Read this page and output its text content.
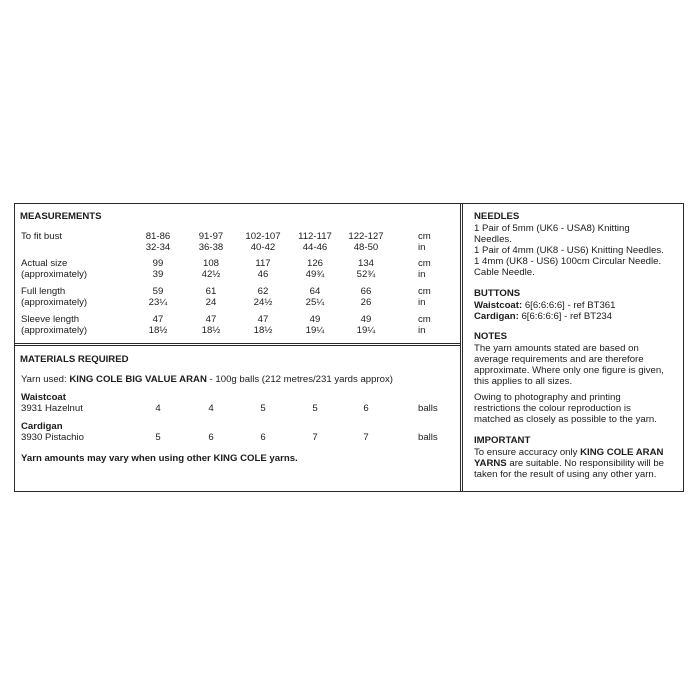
MEASUREMENTS
To fit bust	81-86	91-97	102-107	112-117	122-127	cm
32-34	36-38	40-42	44-46	48-50	in
Actual size
(approximately)
99	108	117	126	134	cm
39	42½	46	49¾	52¾	in
Full length
(approximately)
59	61	62	64	66	cm
23¼	24	24½	25¼	26	in
Sleeve length
(approximately)
47	47	47	49	49	cm
18½	18½	18½	19¼	19¼	in
MATERIALS REQUIRED
Yarn used: KING COLE BIG VALUE ARAN - 100g balls (212 metres/231 yards approx)
Waistcoat
3931 Hazelnut	4	4	5	5	6	balls
Cardigan
3930 Pistachio	5	6	6	7	7	balls
Yarn amounts may vary when using other KING COLE yarns.
NEEDLES
1 Pair of 5mm (UK6 - USA8) Knitting
Needles.
1 Pair of 4mm (UK8 - US6) Knitting Needles.
1 4mm (UK8 - US6) 100cm Circular Needle.
Cable Needle.
BUTTONS
Waistcoat: 6[6:6:6:6] - ref BT361
Cardigan: 6[6:6:6:6] - ref BT234
NOTES
The yarn amounts stated are based on
average requirements and are therefore
approximate. Where only one figure is given,
this applies to all sizes.
Owing to photography and printing
restrictions the colour reproduction is
matched as closely as possible to the yarn.
IMPORTANT
To ensure accuracy only KING COLE ARAN
YARNS are suitable. No responsibility will be
taken for the result of using any other yarn.
